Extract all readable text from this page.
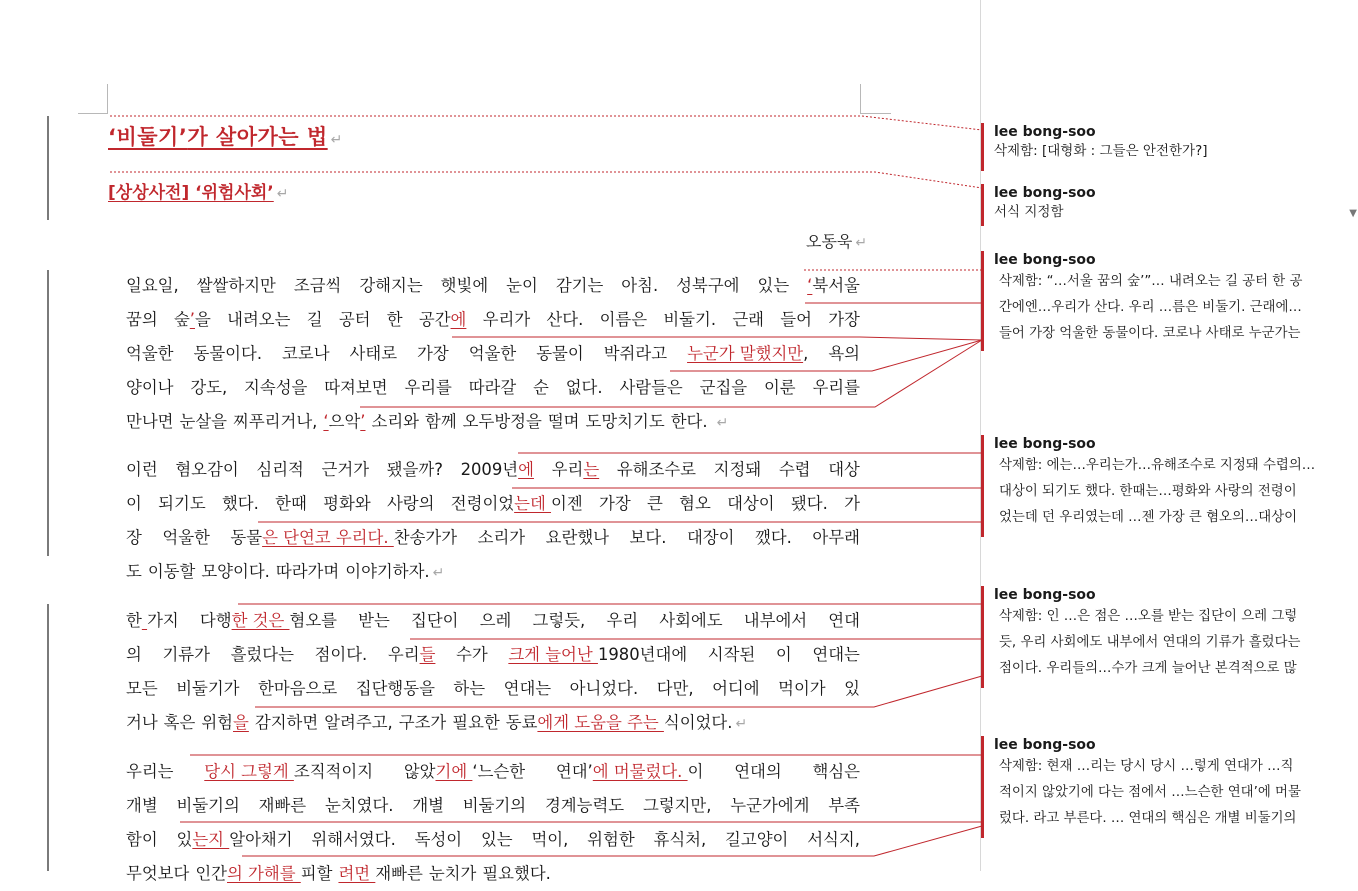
‘비둘기’가 살아가는 법 ↵
[상상사전] ‘위험사회’ ↵
오동욱 ↵
일요일, 쌀쌀하지만 조금씩 강해지는 햇빛에 눈이 감기는 아침. 성북구에 있는 ‘북서울
꿈의 숲’을 내려오는 길 공터 한 공간에 우리가 산다. 이름은 비둘기. 근래 들어 가장
억울한 동물이다. 코로나 사태로 가장 억울한 동물이 박쥐라고 누군가 말했지만, 욕의
양이나 강도, 지속성을 따져보면 우리를 따라갈 순 없다. 사람들은 군집을 이룬 우리를
만나면 눈살을 찌푸리거나, ‘으악’ 소리와 함께 오두방정을 떨며 도망치기도 한다. ↵
이런 혐오감이 심리적 근거가 됐을까? 2009년에 우리는 유해조수로 지정돼 수렵 대상
이 되기도 했다. 한때 평화와 사랑의 전령이었는데 이젠 가장 큰 혐오 대상이 됐다. 가
장 억울한 동물은 단연코 우리다. 찬송가가 소리가 요란했나 보다. 대장이 깼다. 아무래
도 이동할 모양이다. 따라가며 이야기하자. ↵
한 가지 다행한 것은 혐오를 받는 집단이 으레 그렇듯, 우리 사회에도 내부에서 연대
의 기류가 흘렀다는 점이다. 우리들 수가 크게 늘어난 1980년대에 시작된 이 연대는
모든 비둘기가 한마음으로 집단행동을 하는 연대는 아니었다. 다만, 어디에 먹이가 있
거나 혹은 위험을 감지하면 알려주고, 구조가 필요한 동료에게 도움을 주는 식이었다. ↵
우리는 당시 그렇게 조직적이지 않았기에 ‘느슨한 연대’에 머물렀다. 이 연대의 핵심은
개별 비둘기의 재빠른 눈치였다. 개별 비둘기의 경계능력도 그렇지만, 누군가에게 부족
함이 있는지 알아채기 위해서였다. 독성이 있는 먹이, 위험한 휴식처, 길고양이 서식지,
무엇보다 인간의 가해를 피할 려면 재빠른 눈치가 필요했다.
lee bong-soo
삭제함: [대형화 : 그들은 안전한가?]
lee bong-soo
서식 지정함	▼
lee bong-soo
삭제함: “…서울 꿈의 숲’”… 내려오는 길 공터 한 공
간에엔…우리가 산다. 우리 …름은 비둘기. 근래에…
들어 가장 억울한 동물이다. 코로나 사태로 누군가는
lee bong-soo
삭제함: 에는…우리는가…유해조수로 지정돼 수렵의…
대상이 되기도 했다. 한때는…평화와 사랑의 전령이
었는데 던 우리였는데 …젠 가장 큰 혐오의…대상이
lee bong-soo
삭제함: 인 …은 점은 …오를 받는 집단이 으레 그렇
듯, 우리 사회에도 내부에서 연대의 기류가 흘렀다는
점이다. 우리들의…수가 크게 늘어난 본격적으로 많
lee bong-soo
삭제함: 현재 …리는 당시 당시 …렇게 연대가 …직
적이지 않았기에 다는 점에서 …느슨한 연대’에 머물
렀다. 라고 부른다. … 연대의 핵심은 개별 비둘기의
